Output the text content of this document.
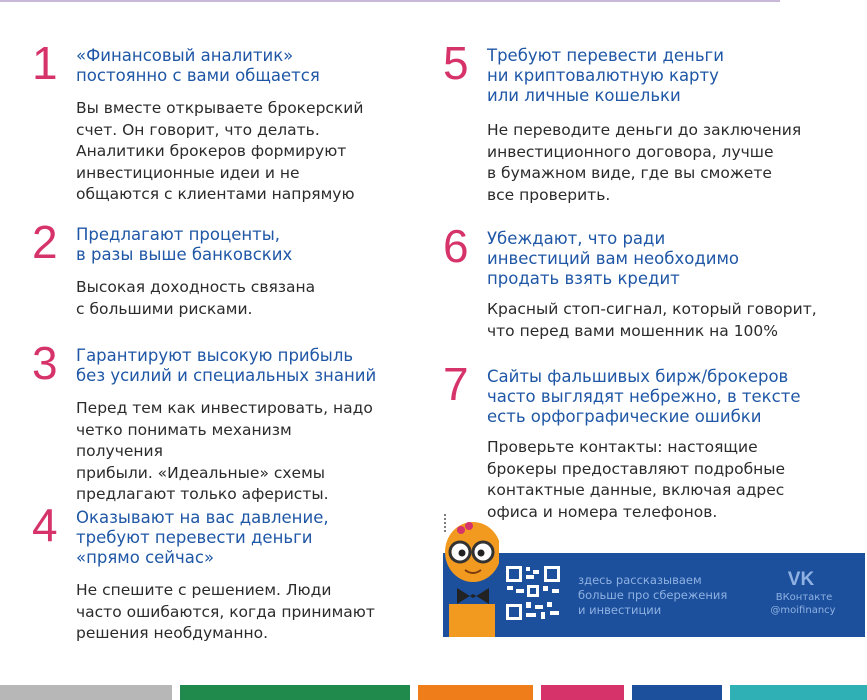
1 «Финансовый аналитик»
постоянно с вами общается
Вы вместе открываете брокерский
счет. Он говорит, что делать.
Аналитики брокеров формируют
инвестиционные идеи и не
общаются с клиентами напрямую
2 Предлагают проценты,
в разы выше банковских
Высокая доходность связана
с большими рисками.
3 Гарантируют высокую прибыль
без усилий и специальных знаний
Перед тем как инвестировать, надо
четко понимать механизм получения
прибыли. «Идеальные» схемы
предлагают только аферисты.
4 Оказывают на вас давление,
требуют перевести деньги
«прямо сейчас»
Не спешите с решением. Люди
часто ошибаются, когда принимают
решения необдуманно.
5 Требуют перевести деньги
ни криптовалютную карту
или личные кошельки
Не переводите деньги до заключения
инвестиционного договора, лучше
в бумажном виде, где вы сможете
все проверить.
6 Убеждают, что ради
инвестиций вам необходимо
продать взять кредит
Красный стоп-сигнал, который говорит,
что перед вами мошенник на 100%
7 Сайты фальшивых бирж/брокеров
часто выглядят небрежно, в тексте
есть орфографические ошибки
Проверьте контакты: настоящие
брокеры предоставляют подробные
контактные данные, включая адрес
офиса и номера телефонов.
здесь рассказываем
больше про сбережения
и инвестиции
VK
ВКонтакте
@moifinancy
